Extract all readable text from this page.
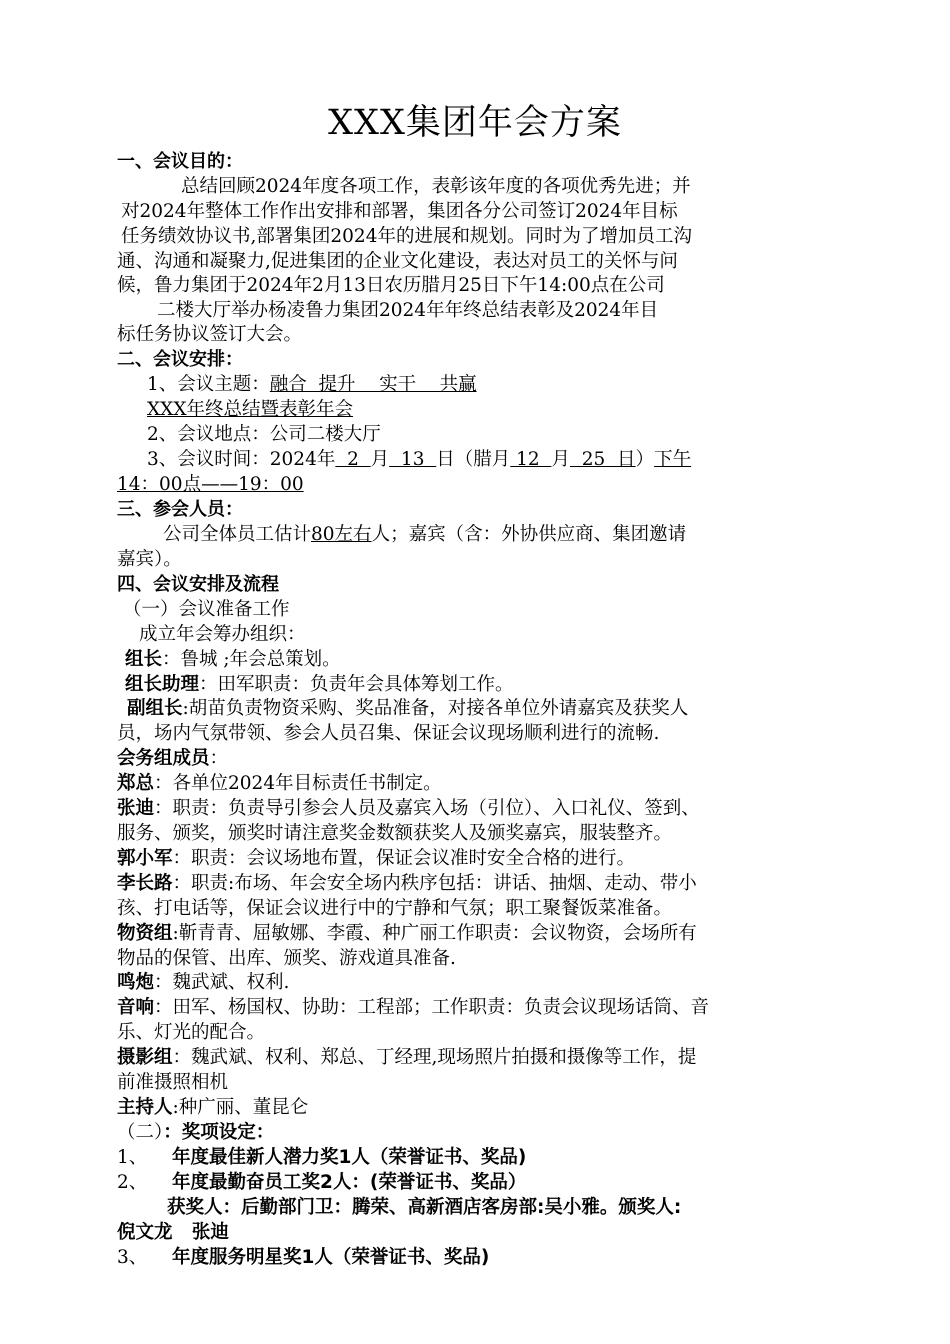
XXX集团年会方案
一、会议目的：
总结回顾2024年度各项工作，表彰该年度的各项优秀先进；并
对2024年整体工作作出安排和部署，集团各分公司签订2024年目标
任务绩效协议书,部署集团2024年的进展和规划。同时为了增加员工沟
通、沟通和凝聚力,促进集团的企业文化建设，表达对员工的关怀与问
候，鲁力集团于2024年2月13日农历腊月25日下午14:00点在公司
二楼大厅举办杨凌鲁力集团2024年年终总结表彰及2024年目
标任务协议签订大会。
二、会议安排：
1、会议主题：融合  提升    实干    共赢
XXX年终总结暨表彰年会
2、会议地点：公司二楼大厅
3、会议时间：2024年  2  月  13  日（腊月 12  月  25  日）下午
14：00点——19：00
三、参会人员：
公司全体员工估计80左右人；嘉宾（含：外协供应商、集团邀请
嘉宾）。
四、会议安排及流程
（一）会议准备工作
成立年会筹办组织：
组长：鲁城 ;年会总策划。
组长助理：田军职责：负责年会具体筹划工作。
副组长:胡苗负责物资采购、奖品准备，对接各单位外请嘉宾及获奖人
员，场内气氛带领、参会人员召集、保证会议现场顺利进行的流畅.
会务组成员：
郑总：各单位2024年目标责任书制定。
张迪：职责：负责导引参会人员及嘉宾入场（引位）、入口礼仪、签到、
服务、颁奖，颁奖时请注意奖金数额获奖人及颁奖嘉宾，服装整齐。
郭小军：职责：会议场地布置，保证会议准时安全合格的进行。
李长路：职责:布场、年会安全场内秩序包括：讲话、抽烟、走动、带小
孩、打电话等，保证会议进行中的宁静和气氛；职工聚餐饭菜准备。
物资组:靳青青、屈敏娜、李霞、种广丽工作职责：会议物资，会场所有
物品的保管、出库、颁奖、游戏道具准备.
鸣炮：魏武斌、权利.
音响：田军、杨国权、协助：工程部；工作职责：负责会议现场话筒、音
乐、灯光的配合。
摄影组：魏武斌、权利、郑总、丁经理,现场照片拍摄和摄像等工作，提
前准摄照相机
主持人:种广丽、董昆仑
（二）：奖项设定：
1、 年度最佳新人潜力奖1人（荣誉证书、奖品)
2、 年度最勤奋员工奖2人：(荣誉证书、奖品）
获奖人：后勤部门卫：腾荣、高新酒店客房部:吴小雅。颁奖人:
倪文龙   张迪
3、 年度服务明星奖1人（荣誉证书、奖品)
